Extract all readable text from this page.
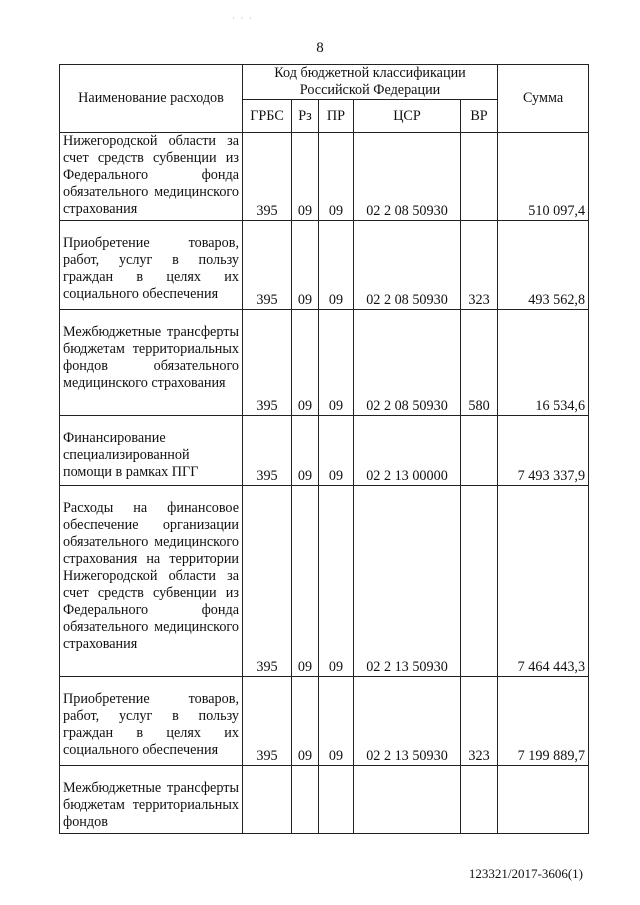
· · ·
8
Наименование расходов	Код бюджетной классификации Российской Федерации					Сумма
	ГРБС	Рз	ПР	ЦСР	ВР	
Нижегородской области за счет средств субвенции из Федерального фонда обязательного медицинского страхования	395	09	09	02 2 08 50930		510 097,4
Приобретение товаров, работ, услуг в пользу граждан в целях их социального обеспечения	395	09	09	02 2 08 50930	323	493 562,8
Межбюджетные трансферты бюджетам территориальных фондов обязательного медицинского страхования	395	09	09	02 2 08 50930	580	16 534,6
Финансирование специализированной помощи в рамках ПГГ	395	09	09	02 2 13 00000		7 493 337,9
Расходы на финансовое обеспечение организации обязательного медицинского страхования на территории Нижегородской области за счет средств субвенции из Федерального фонда обязательного медицинского страхования	395	09	09	02 2 13 50930		7 464 443,3
Приобретение товаров, работ, услуг в пользу граждан в целях их социального обеспечения	395	09	09	02 2 13 50930	323	7 199 889,7
Межбюджетные трансферты бюджетам территориальных фондов						
123321/2017-3606(1)
